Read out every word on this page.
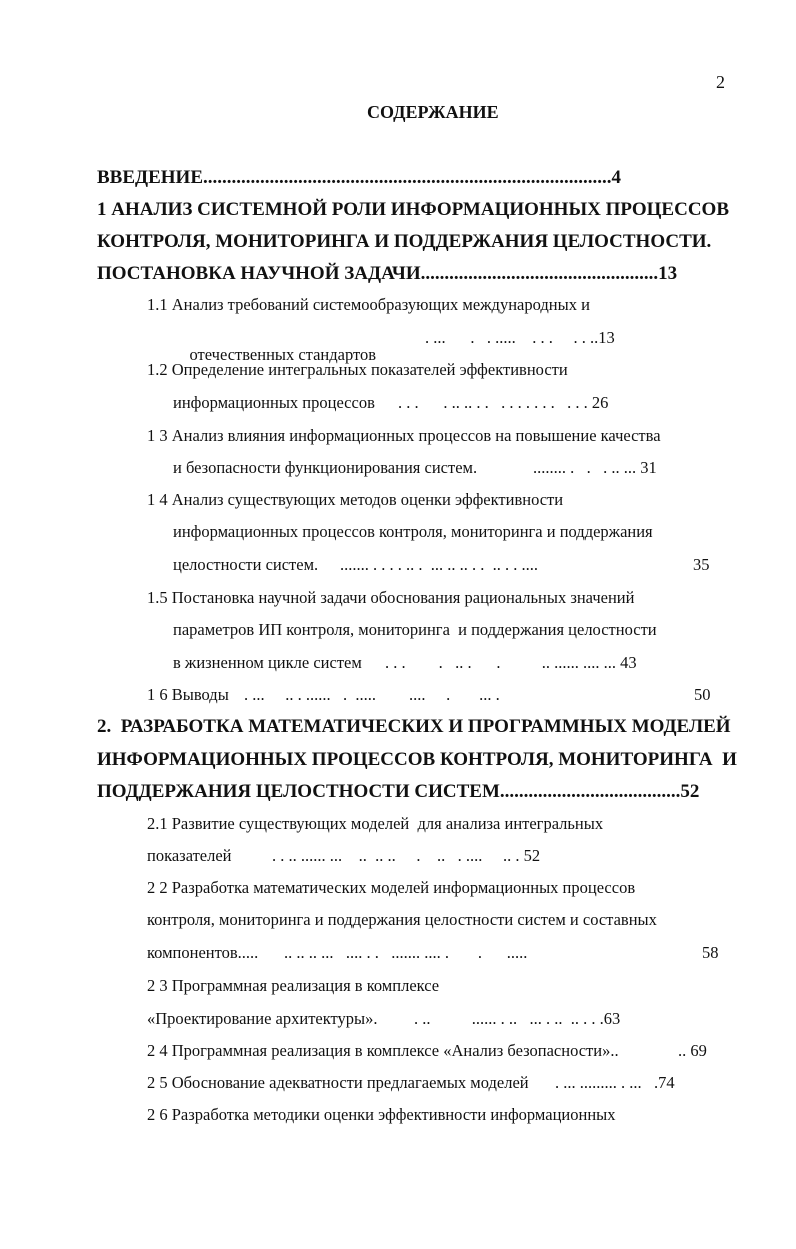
2
СОДЕРЖАНИЕ
ВВЕДЕНИЕ......................................................................................4
1 АНАЛИЗ СИСТЕМНОЙ РОЛИ ИНФОРМАЦИОННЫХ ПРОЦЕССОВ
КОНТРОЛЯ, МОНИТОРИНГА И ПОДДЕРЖАНИЯ ЦЕЛОСТНОСТИ.
ПОСТАНОВКА НАУЧНОЙ ЗАДАЧИ..................................................13
1.1 Анализ требований системообразующих международных и

отечественных стандартов

. ...      .   . .....    . . .     . . ..13
1.2 Определение интегральных показателей эффективности
информационных процессов . . .      . .. .. . .   . . . . . . .   . . . 26
1 3 Анализ влияния информационных процессов на повышение качества
и безопасности функционирования систем.	........ .   .   . .. ... 31
1 4 Анализ существующих методов оценки эффективности
информационных процессов контроля, мониторинга и поддержания
целостности систем. ....... . . . . .. .  ... .. .. . .  .. . . ....	35
1.5 Постановка научной задачи обоснования рациональных значений
параметров ИП контроля, мониторинга  и поддержания целостности
в жизненном цикле систем . . .        .   .. .      .          .. ...... .... ... 43
1 6 Выводы . ...     .. . ......   .  .....        ....     .       ... .	50
2.  РАЗРАБОТКА МАТЕМАТИЧЕСКИХ И ПРОГРАММНЫХ МОДЕЛЕЙ
ИНФОРМАЦИОННЫХ ПРОЦЕССОВ КОНТРОЛЯ, МОНИТОРИНГА  И
ПОДДЕРЖАНИЯ ЦЕЛОСТНОСТИ СИСТЕМ......................................52
2.1 Развитие существующих моделей  для анализа интегральных
показателей . . .. ...... ...    ..  .. ..     .    ..   . ....     .. . 52
2 2 Разработка математических моделей информационных процессов
контроля, мониторинга и поддержания целостности систем и составных
компонентов..... .. .. .. ...   .... . .   ....... .... .       .      .....	58
2 3 Программная реализация в комплексе
«Проектирование архитектуры». . ..          ...... . ..   ... . ..  .. . . .63
2 4 Программная реализация в комплексе «Анализ безопасности»..	.. 69
2 5 Обоснование адекватности предлагаемых моделей . ... ......... . ...   .74
2 6 Разработка методики оценки эффективности информационных
